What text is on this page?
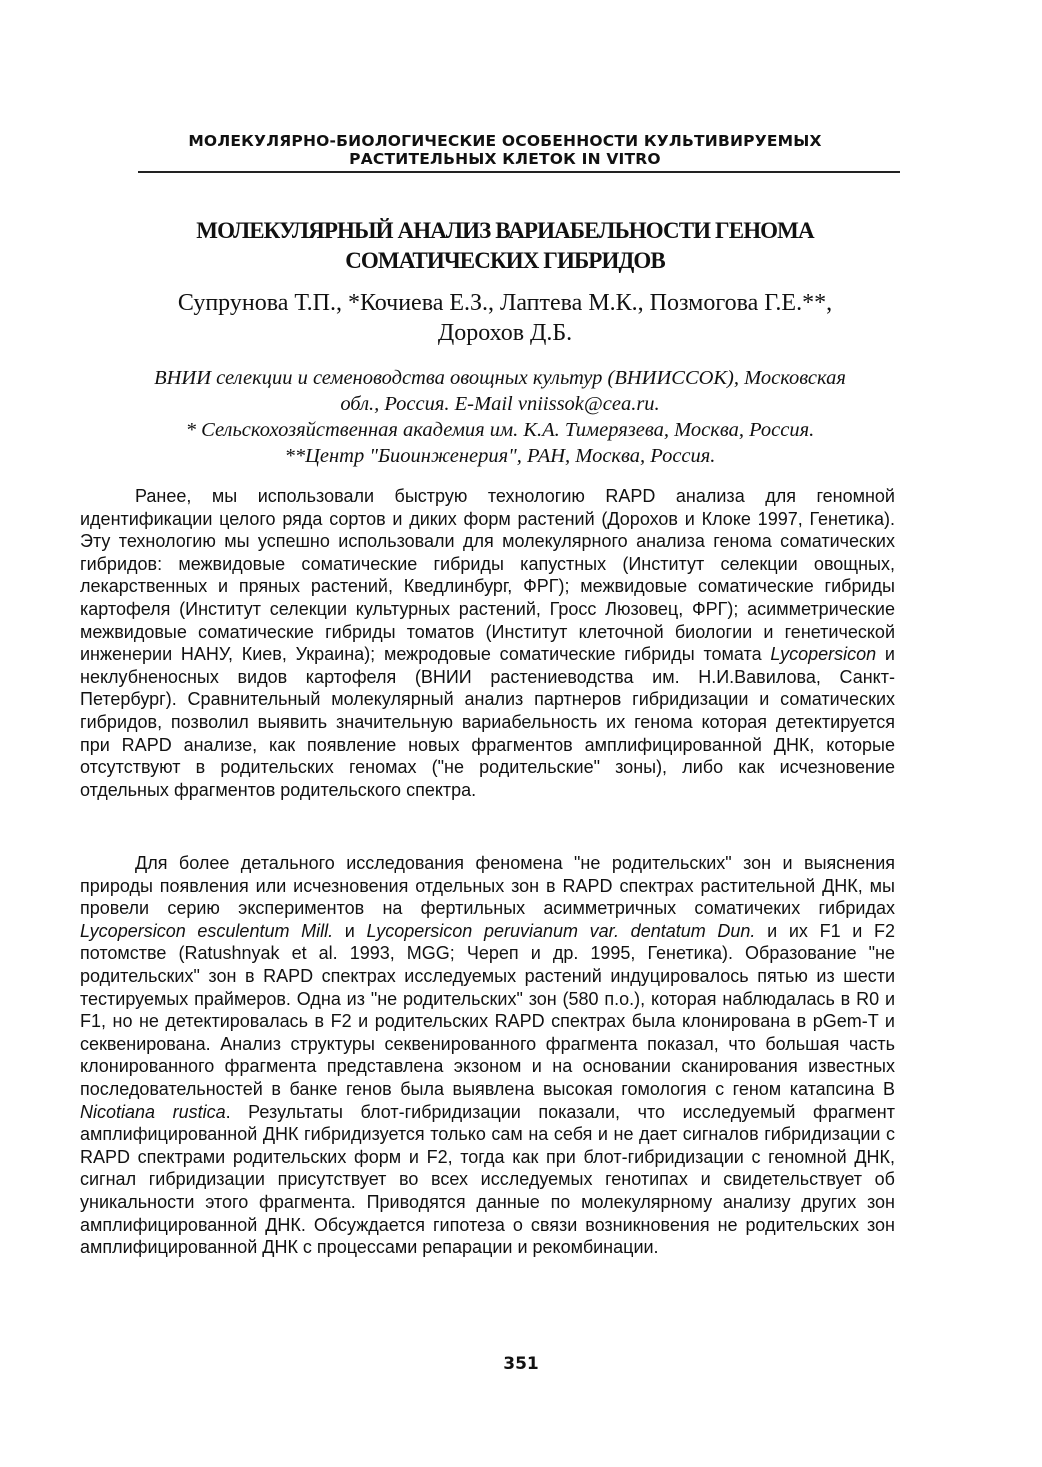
МОЛЕКУЛЯРНО-БИОЛОГИЧЕСКИЕ ОСОБЕННОСТИ КУЛЬТИВИРУЕМЫХ
РАСТИТЕЛЬНЫХ КЛЕТОК IN VITRO
МОЛЕКУЛЯРНЫЙ АНАЛИЗ ВАРИАБЕЛЬНОСТИ ГЕНОМА
СОМАТИЧЕСКИХ ГИБРИДОВ
Супрунова Т.П., *Кочиева Е.З., Лаптева М.К., Позмогова Г.Е.**,
Дорохов Д.Б.
ВНИИ селекции и семеноводства овощных культур (ВНИИССОК), Московская
обл., Россия. E-Mail vniissok@cea.ru.
* Сельскохозяйственная академия им. К.А. Тимерязева, Москва, Россия.
**Центр "Биоинженерия", РАН, Москва, Россия.
Ранее, мы использовали быструю технологию RAPD анализа для геномной идентификации целого ряда сортов и диких форм растений (Дорохов и Клоке 1997, Генетика). Эту технологию мы успешно использовали для молекулярного анализа генома соматических гибридов: межвидовые соматические гибриды капустных (Институт селекции овощных, лекарственных и пряных растений, Кведлинбург, ФРГ); межвидовые соматические гибриды картофеля (Институт селекции культурных растений, Гросс Люзовец, ФРГ); асимметрические межвидовые соматические гибриды томатов (Институт клеточной биологии и генетической инженерии НАНУ, Киев, Украина); межродовые соматические гибриды томата Lycopersicon и неклубненосных видов картофеля (ВНИИ растениеводства им. Н.И.Вавилова, Санкт-Петербург). Сравнительный молекулярный анализ партнеров гибридизации и соматических гибридов, позволил выявить значительную вариабельность их генома которая детектируется при RAPD анализе, как появление новых фрагментов амплифицированной ДНК, которые отсутствуют в родительских геномах ("не родительские" зоны), либо как исчезновение отдельных фрагментов родительского спектра.
Для более детального исследования феномена "не родительских" зон и выяснения природы появления или исчезновения отдельных зон в RAPD спектрах растительной ДНК, мы провели серию экспериментов на фертильных асимметричных соматичеких гибридах Lycopersicon esculentum Mill. и Lycopersicon peruvianum var. dentatum Dun. и их F1 и F2 потомстве (Ratushnyak et al. 1993, MGG; Череп и др. 1995, Генетика). Образование "не родительских" зон в RAPD спектрах исследуемых растений индуцировалось пятью из шести тестируемых праймеров. Одна из "не родительских" зон (580 п.о.), которая наблюдалась в R0 и F1, но не детектировалась в F2 и родительских RAPD спектрах была клонирована в pGem-T и секвенирована. Анализ структуры секвенированного фрагмента показал, что большая часть клонированного фрагмента представлена экзоном и на основании сканирования известных последовательностей в банке генов была выявлена высокая гомология с геном катапсина В Nicotiana rustica. Результаты блот-гибридизации показали, что исследуемый фрагмент амплифицированной ДНК гибридизуется только сам на себя и не дает сигналов гибридизации с RAPD спектрами родительских форм и F2, тогда как при блот-гибридизации с геномной ДНК, сигнал гибридизации присутствует во всех исследуемых генотипах и свидетельствует об уникальности этого фрагмента. Приводятся данные по молекулярному анализу других зон амплифицированной ДНК. Обсуждается гипотеза о связи возникновения не родительских зон амплифицированной ДНК с процессами репарации и рекомбинации.
351
